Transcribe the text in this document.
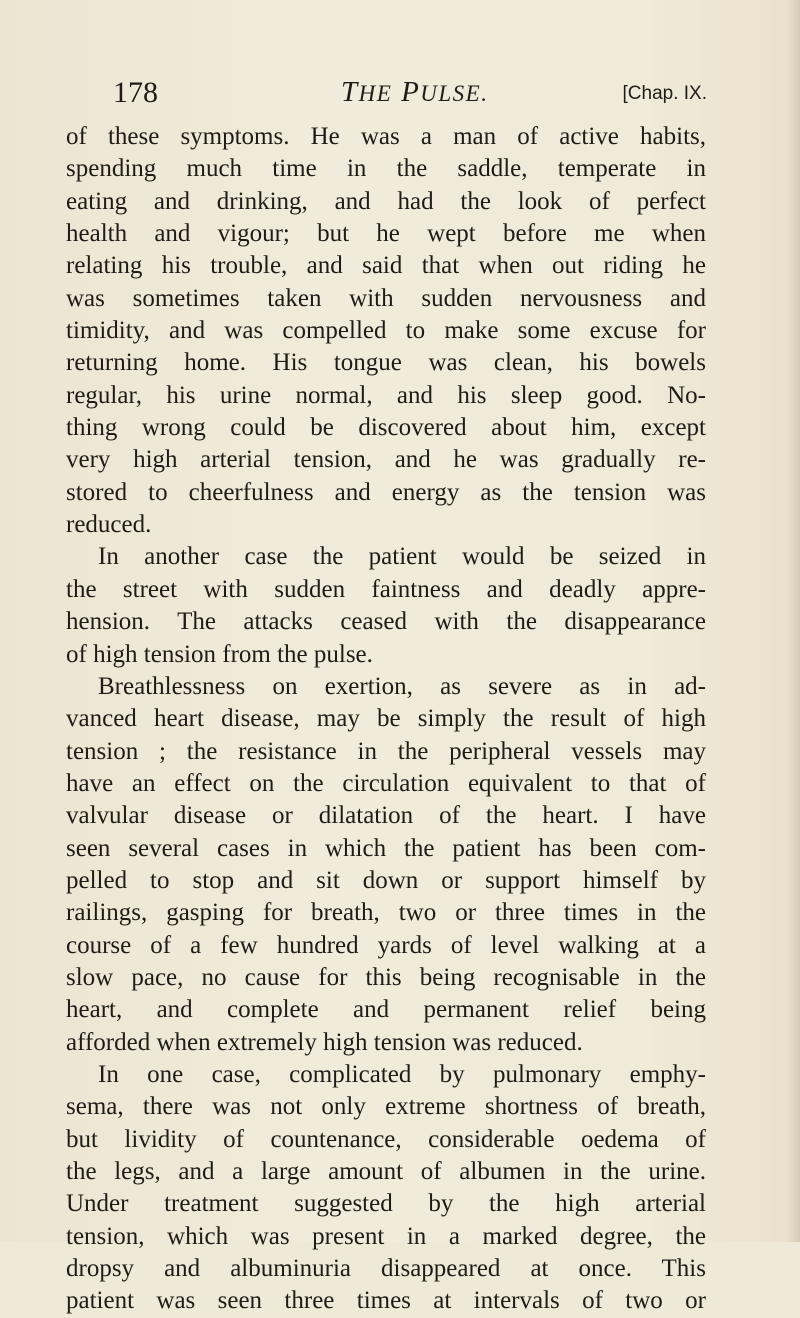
178	THE PULSE.	[Chap. IX.
of these symptoms. He was a man of active habits,
spending much time in the saddle, temperate in
eating and drinking, and had the look of perfect
health and vigour; but he wept before me when
relating his trouble, and said that when out riding he
was sometimes taken with sudden nervousness and
timidity, and was compelled to make some excuse for
returning home. His tongue was clean, his bowels
regular, his urine normal, and his sleep good. No-
thing wrong could be discovered about him, except
very high arterial tension, and he was gradually re-
stored to cheerfulness and energy as the tension was
reduced.
In another case the patient would be seized in
the street with sudden faintness and deadly appre-
hension. The attacks ceased with the disappearance
of high tension from the pulse.
Breathlessness on exertion, as severe as in ad-
vanced heart disease, may be simply the result of high
tension ; the resistance in the peripheral vessels may
have an effect on the circulation equivalent to that of
valvular disease or dilatation of the heart. I have
seen several cases in which the patient has been com-
pelled to stop and sit down or support himself by
railings, gasping for breath, two or three times in the
course of a few hundred yards of level walking at a
slow pace, no cause for this being recognisable in the
heart, and complete and permanent relief being
afforded when extremely high tension was reduced.
In one case, complicated by pulmonary emphy-
sema, there was not only extreme shortness of breath,
but lividity of countenance, considerable oedema of
the legs, and a large amount of albumen in the urine.
Under treatment suggested by the high arterial
tension, which was present in a marked degree, the
dropsy and albuminuria disappeared at once. This
patient was seen three times at intervals of two or
